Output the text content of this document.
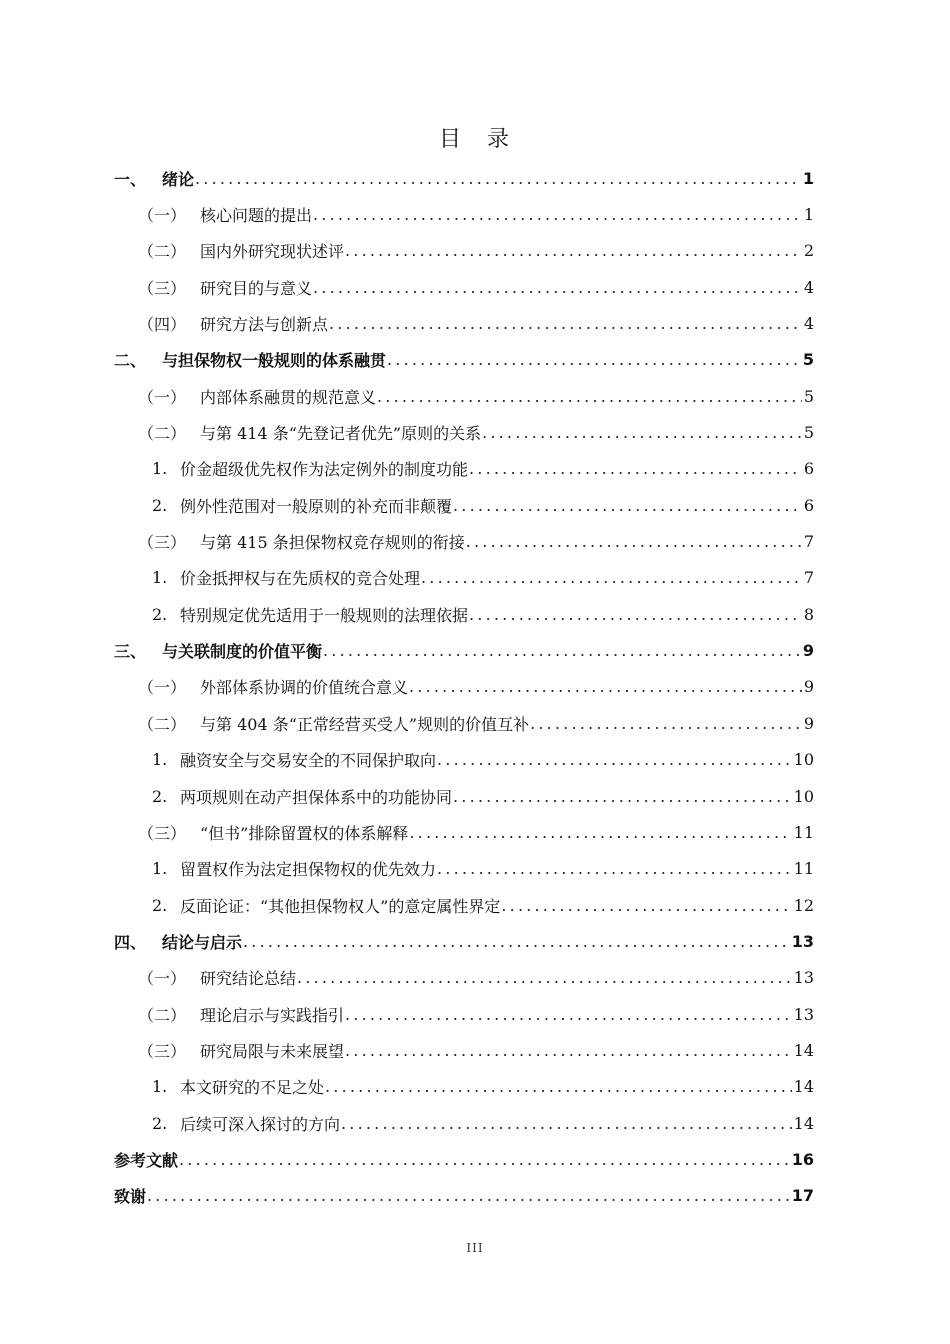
目　录
一、 绪论 .....	1
（一） 核心问题的提出 .....	1
（二） 国内外研究现状述评 .....	2
（三） 研究目的与意义 .....	4
（四） 研究方法与创新点 .....	4
二、 与担保物权一般规则的体系融贯 .....	5
（一） 内部体系融贯的规范意义 .....	5
（二） 与第 414 条“先登记者优先”原则的关系 .....	5
1. 价金超级优先权作为法定例外的制度功能 .....	6
2. 例外性范围对一般原则的补充而非颠覆 .....	6
（三） 与第 415 条担保物权竞存规则的衔接 .....	7
1. 价金抵押权与在先质权的竞合处理 .....	7
2. 特别规定优先适用于一般规则的法理依据 .....	8
三、 与关联制度的价值平衡 .....	9
（一） 外部体系协调的价值统合意义 .....	9
（二） 与第 404 条“正常经营买受人”规则的价值互补 .....	9
1. 融资安全与交易安全的不同保护取向 .....	10
2. 两项规则在动产担保体系中的功能协同 .....	10
（三） “但书”排除留置权的体系解释 .....	11
1. 留置权作为法定担保物权的优先效力 .....	11
2. 反面论证：“其他担保物权人”的意定属性界定 .....	12
四、 结论与启示 .....	13
（一） 研究结论总结 .....	13
（二） 理论启示与实践指引 .....	13
（三） 研究局限与未来展望 .....	14
1. 本文研究的不足之处 .....	14
2. 后续可深入探讨的方向 .....	14
参考文献 .....	16
致谢 .....	17
III
